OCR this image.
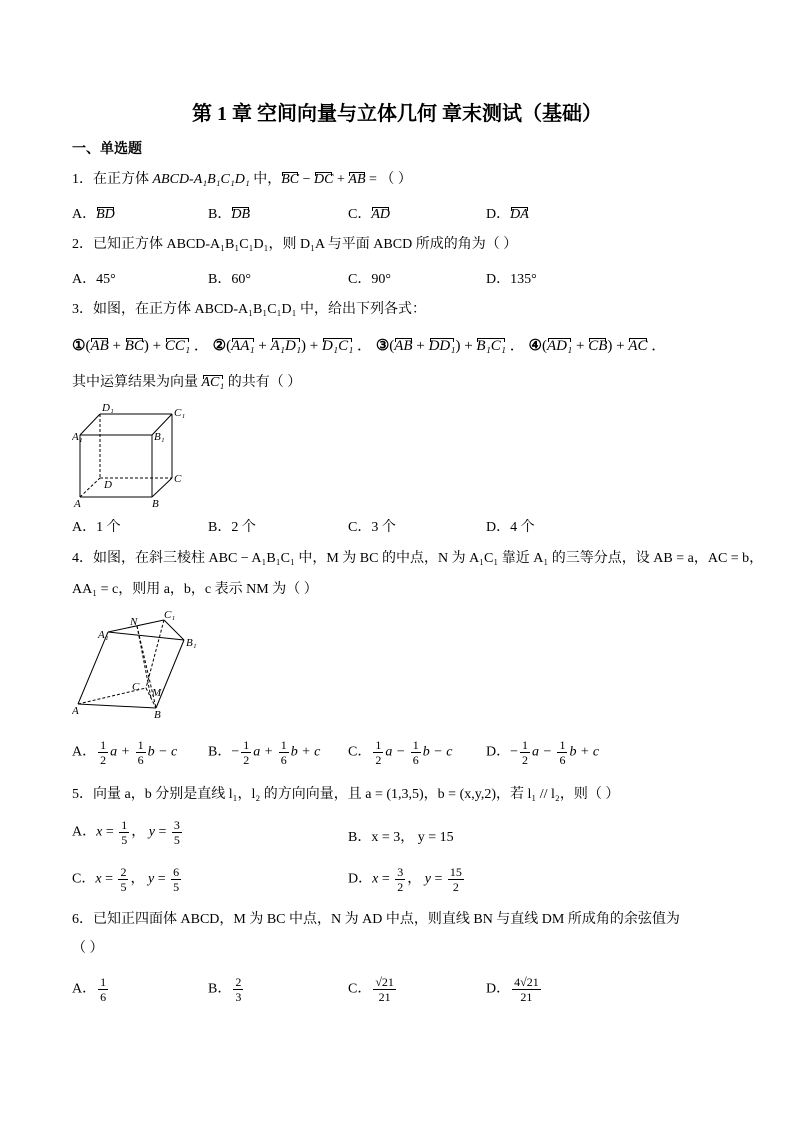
第 1 章 空间向量与立体几何 章末测试（基础）
一、单选题
1．在正方体 ABCD-A₁B₁C₁D₁ 中，BC − DC + AB = （ ）
A．BD	B．DB	C．AD	D．DA
2．已知正方体 ABCD-A₁B₁C₁D₁，则 D₁A 与平面 ABCD 所成的角为（ ）
A．45°	B．60°	C．90°	D．135°
3．如图，在正方体 ABCD-A₁B₁C₁D₁ 中，给出下列各式：
①(AB + BC) + CC₁ ． ②(AA₁ + A₁D₁) + D₁C₁ ． ③(AB + DD₁) + B₁C₁ ． ④(AD₁ + CB) + AC ．
其中运算结果为向量 AC₁ 的共有（ ）
D₁	C₁
A₁	B₁
D	C
A	B
A．1 个	B．2 个	C．3 个	D．4 个
4．如图，在斜三棱柱 ABC − A₁B₁C₁ 中，M 为 BC 的中点，N 为 A₁C₁ 靠近 A₁ 的三等分点，设 AB = a，AC = b，
AA₁ = c，则用 a，b，c 表示 NM 为（ ）
C₁
N
A₁
B₁
C M
A	B
A． $\frac{1}{2}$ $a + \frac{1}{6}$ b − c B．− $\frac{1}{2}$ $a + \frac{1}{6}$ b + c C． $\frac{1}{2}$ $a - \frac{1}{6}$ b − c D．− $\frac{1}{2}$ $a - \frac{1}{6}$ b + c
5．向量 a，b 分别是直线 l₁，l₂ 的方向向量，且 a = (1,3,5)，b = (x,y,2)，若 l₁ // l₂，则（ ）
A．$x = \frac{1}{5}$ ， $y = \frac{3}{5}$	B．x = 3， y = 15
C．$x = \frac{2}{5}$ ， $y = \frac{6}{5}$	D．$x = \frac{3}{2}$ ， $y = \frac{15}{2}$
6．已知正四面体 ABCD，M 为 BC 中点，N 为 AD 中点，则直线 BN 与直线 DM 所成角的余弦值为
（ ）
A． $\frac{1}{6}$	B． $\frac{2}{3}$	C． $\frac{√21}{21}$	D． $\frac{4√21}{21}$
